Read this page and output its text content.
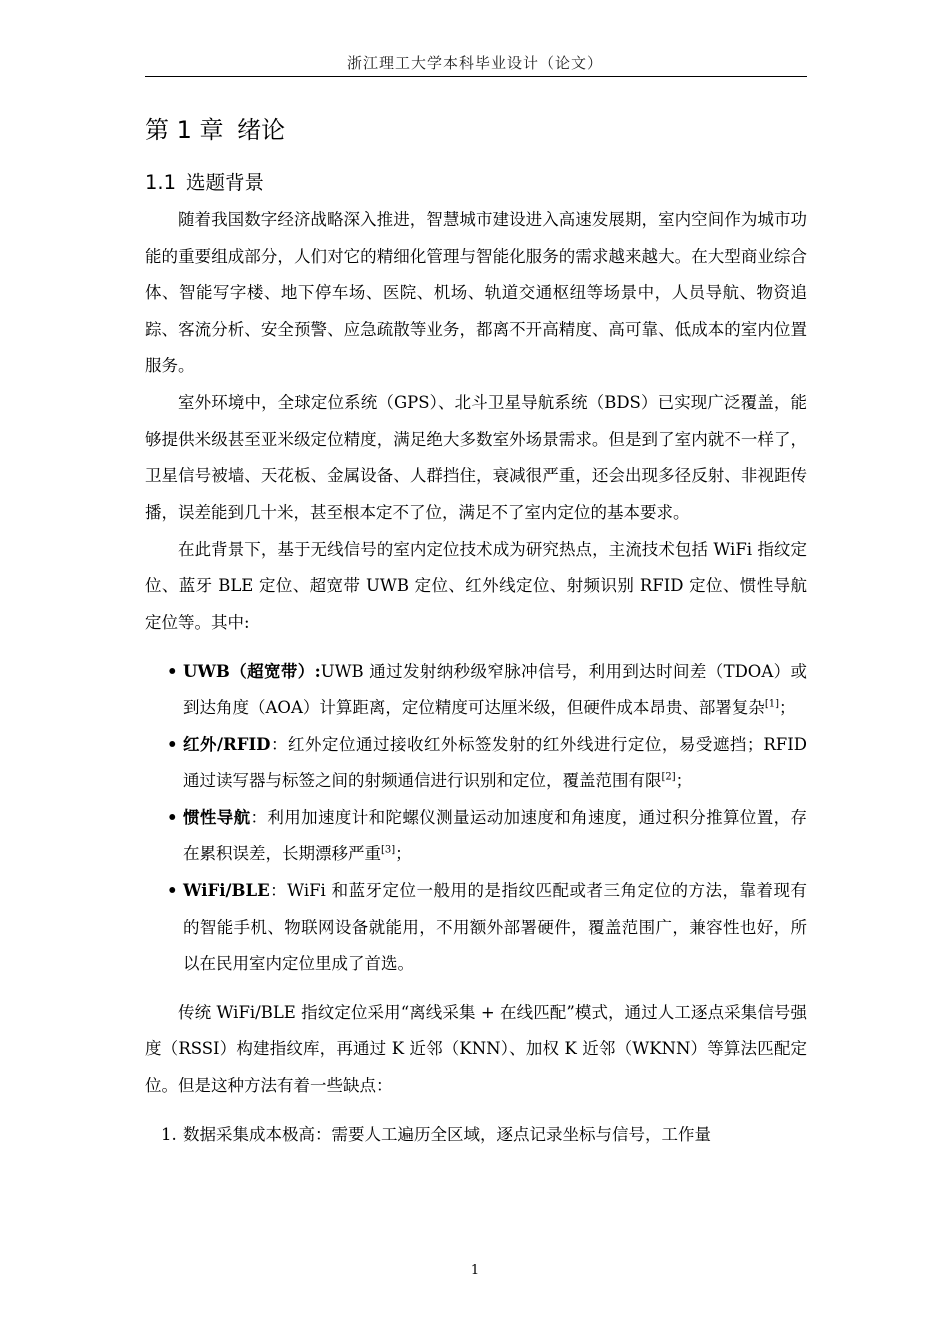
浙江理工大学本科毕业设计（论文）
第 1 章 绪论
1.1 选题背景

随着我国数字经济战略深入推进，智慧城市建设进入高速发展期，室内空间作为城市功能的重要组成部分，人们对它的精细化管理与智能化服务的需求越来越大。在大型商业综合体、智能写字楼、地下停车场、医院、机场、轨道交通枢纽等场景中，人员导航、物资追踪、客流分析、安全预警、应急疏散等业务，都离不开高精度、高可靠、低成本的室内位置服务。

室外环境中，全球定位系统（GPS）、北斗卫星导航系统（BDS）已实现广泛覆盖，能够提供米级甚至亚米级定位精度，满足绝大多数室外场景需求。但是到了室内就不一样了，卫星信号被墙、天花板、金属设备、人群挡住，衰减很严重，还会出现多径反射、非视距传播，误差能到几十米，甚至根本定不了位，满足不了室内定位的基本要求。

在此背景下，基于无线信号的室内定位技术成为研究热点，主流技术包括 WiFi 指纹定位、蓝牙 BLE 定位、超宽带 UWB 定位、红外线定位、射频识别 RFID 定位、惯性导航定位等。其中:

• UWB（超宽带）:UWB 通过发射纳秒级窄脉冲信号，利用到达时间差（TDOA）或到达角度（AOA）计算距离，定位精度可达厘米级，但硬件成本昂贵、部署复杂[1]；
• 红外/RFID：红外定位通过接收红外标签发射的红外线进行定位，易受遮挡；RFID 通过读写器与标签之间的射频通信进行识别和定位，覆盖范围有限[2]；
• 惯性导航：利用加速度计和陀螺仪测量运动加速度和角速度，通过积分推算位置，存在累积误差，长期漂移严重[3]；
• WiFi/BLE：WiFi 和蓝牙定位一般用的是指纹匹配或者三角定位的方法，靠着现有的智能手机、物联网设备就能用，不用额外部署硬件，覆盖范围广，兼容性也好，所以在民用室内定位里成了首选。

传统 WiFi/BLE 指纹定位采用“离线采集 + 在线匹配”模式，通过人工逐点采集信号强度（RSSI）构建指纹库，再通过 K 近邻（KNN）、加权 K 近邻（WKNN）等算法匹配定位。但是这种方法有着一些缺点：

1. 数据采集成本极高：需要人工遍历全区域，逐点记录坐标与信号，工作量
1
